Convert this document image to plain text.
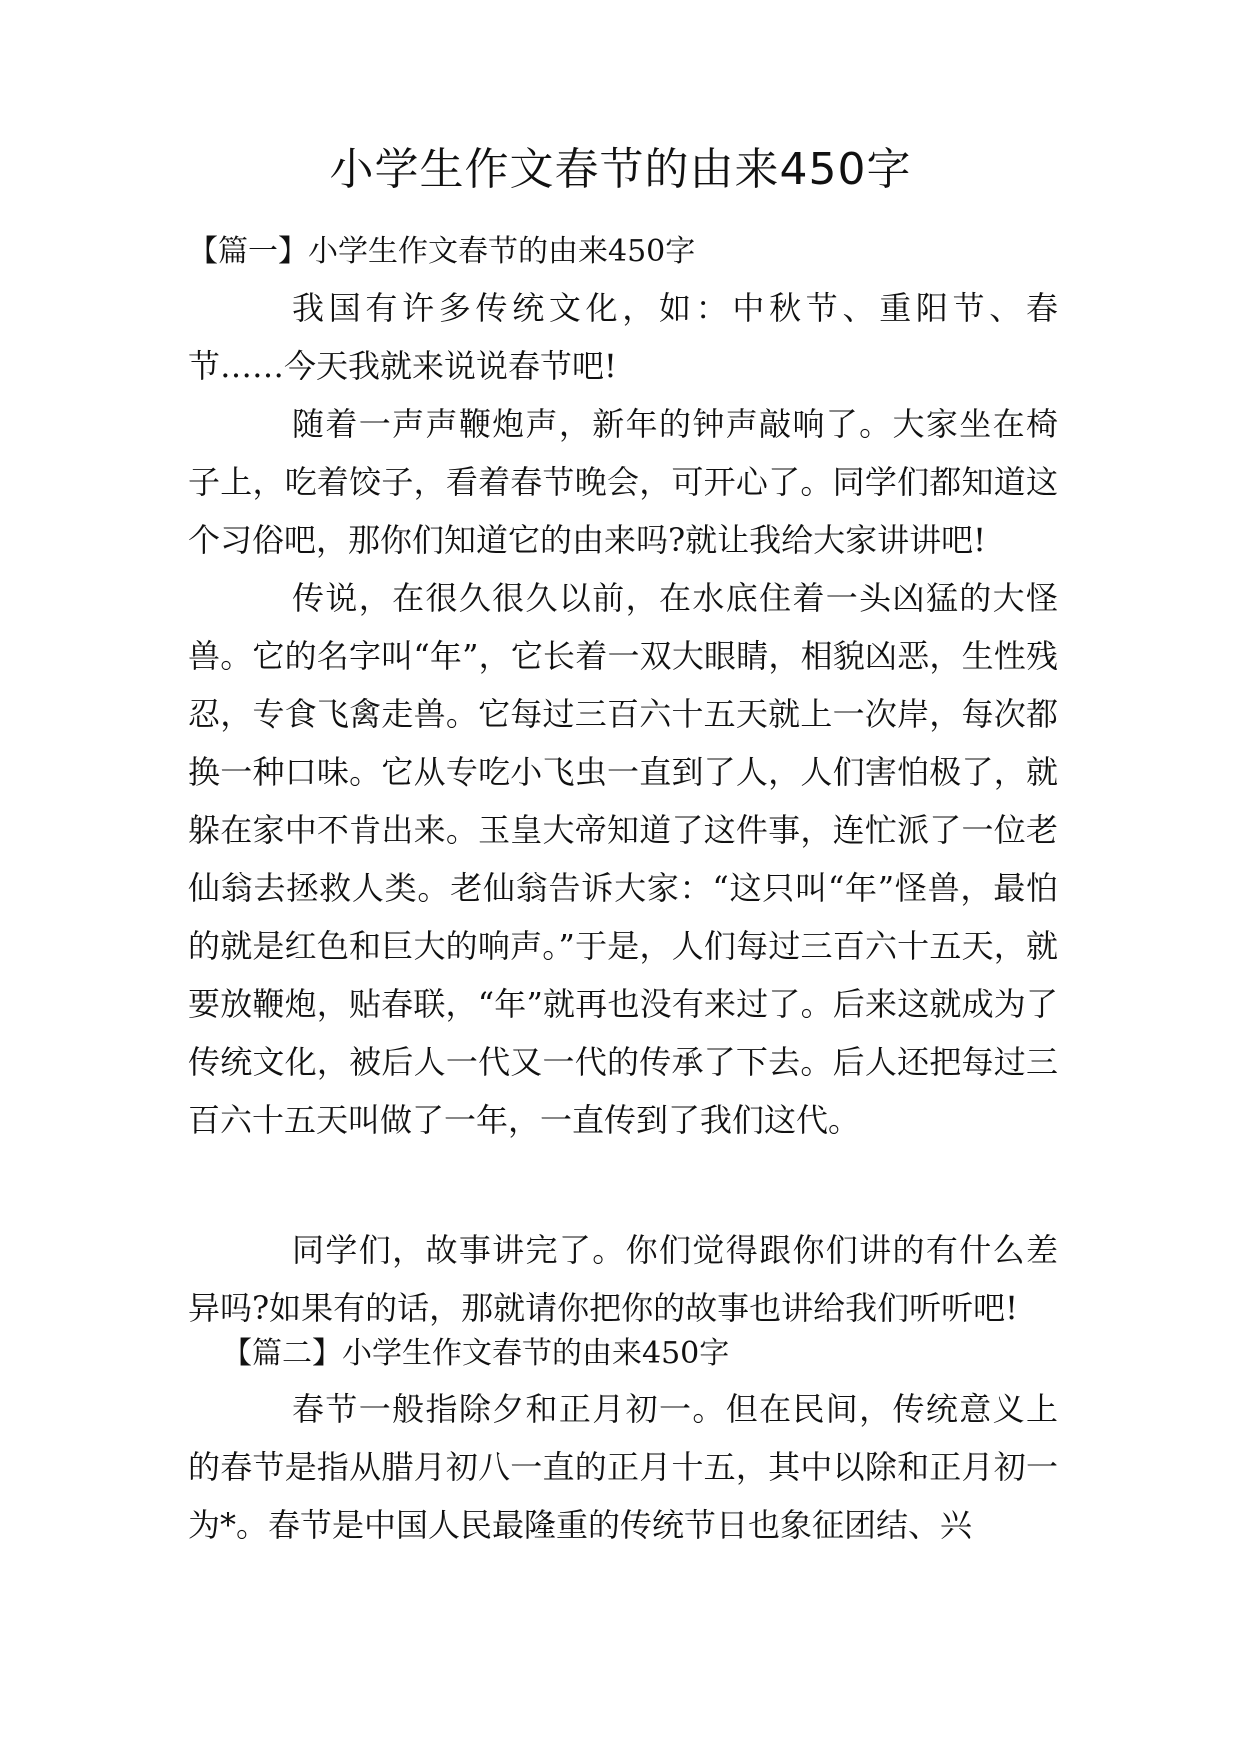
小学生作文春节的由来450字
【篇一】小学生作文春节的由来450字

我国有许多传统文化，如：中秋节、重阳节、春节……今天我就来说说春节吧!

随着一声声鞭炮声，新年的钟声敲响了。大家坐在椅子上，吃着饺子，看着春节晚会，可开心了。同学们都知道这个习俗吧，那你们知道它的由来吗?就让我给大家讲讲吧!

传说，在很久很久以前，在水底住着一头凶猛的大怪兽。它的名字叫“年”，它长着一双大眼睛，相貌凶恶，生性残忍，专食飞禽走兽。它每过三百六十五天就上一次岸，每次都换一种口味。它从专吃小飞虫一直到了人，人们害怕极了，就躲在家中不肯出来。玉皇大帝知道了这件事，连忙派了一位老仙翁去拯救人类。老仙翁告诉大家：“这只叫“年”怪兽，最怕的就是红色和巨大的响声。”于是，人们每过三百六十五天，就要放鞭炮，贴春联，“年”就再也没有来过了。后来这就成为了传统文化，被后人一代又一代的传承了下去。后人还把每过三百六十五天叫做了一年，一直传到了我们这代。

同学们，故事讲完了。你们觉得跟你们讲的有什么差异吗?如果有的话，那就请你把你的故事也讲给我们听听吧!

【篇二】小学生作文春节的由来450字

春节一般指除夕和正月初一。但在民间，传统意义上的春节是指从腊月初八一直的正月十五，其中以除和正月初一为*。春节是中国人民最隆重的传统节日也象征团结、兴
